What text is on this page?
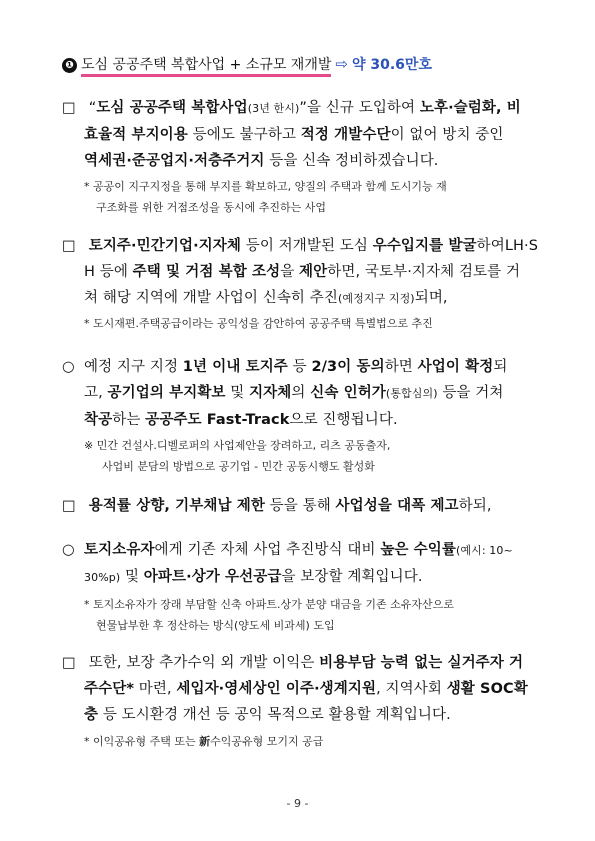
❶ 도심 공공주택 복합사업 + 소규모 재개발 ⇨ 약 30.6만호
□ “도심 공공주택 복합사업(3년 한시)”을 신규 도입하여 노후·슬럼화, 비
효율적 부지이용 등에도 불구하고 적정 개발수단이 없어 방치 중인
역세권·준공업지·저층주거지 등을 신속 정비하겠습니다.
* 공공이 지구지정을 통해 부지를 확보하고, 양질의 주택과 함께 도시기능 재
구조화를 위한 거점조성을 동시에 추진하는 사업
□ 토지주·민간기업·지자체 등이 저개발된 도심 우수입지를 발굴하여LH·S
H 등에 주택 및 거점 복합 조성을 제안하면, 국토부·지자체 검토를 거
쳐 해당 지역에 개발 사업이 신속히 추진(예정지구 지정)되며,
* 도시재편.주택공급이라는 공익성을 감안하여 공공주택 특별법으로 추진
○ 예정 지구 지정 1년 이내 토지주 등 2/3이 동의하면 사업이 확정되
고, 공기업의 부지확보 및 지자체의 신속 인허가(통합심의) 등을 거쳐
착공하는 공공주도 Fast-Track으로 진행됩니다.
※ 민간 건설사.디벨로퍼의 사업제안을 장려하고, 리츠 공동출자,
사업비 분담의 방법으로 공기업 - 민간 공동시행도 활성화
□ 용적률 상향, 기부채납 제한 등을 통해 사업성을 대폭 제고하되,
○ 토지소유자에게 기존 자체 사업 추진방식 대비 높은 수익률(예시: 10~
30%p) 및 아파트·상가 우선공급을 보장할 계획입니다.
* 토지소유자가 장래 부담할 신축 아파트.상가 분양 대금을 기존 소유자산으로
현물납부한 후 정산하는 방식(양도세 비과세) 도입
□ 또한, 보장 추가수익 외 개발 이익은 비용부담 능력 없는 실거주자 거
주수단* 마련, 세입자·영세상인 이주·생계지원, 지역사회 생활 SOC확
충 등 도시환경 개선 등 공익 목적으로 활용할 계획입니다.
* 이익공유형 주택 또는 新수익공유형 모기지 공급
- 9 -
